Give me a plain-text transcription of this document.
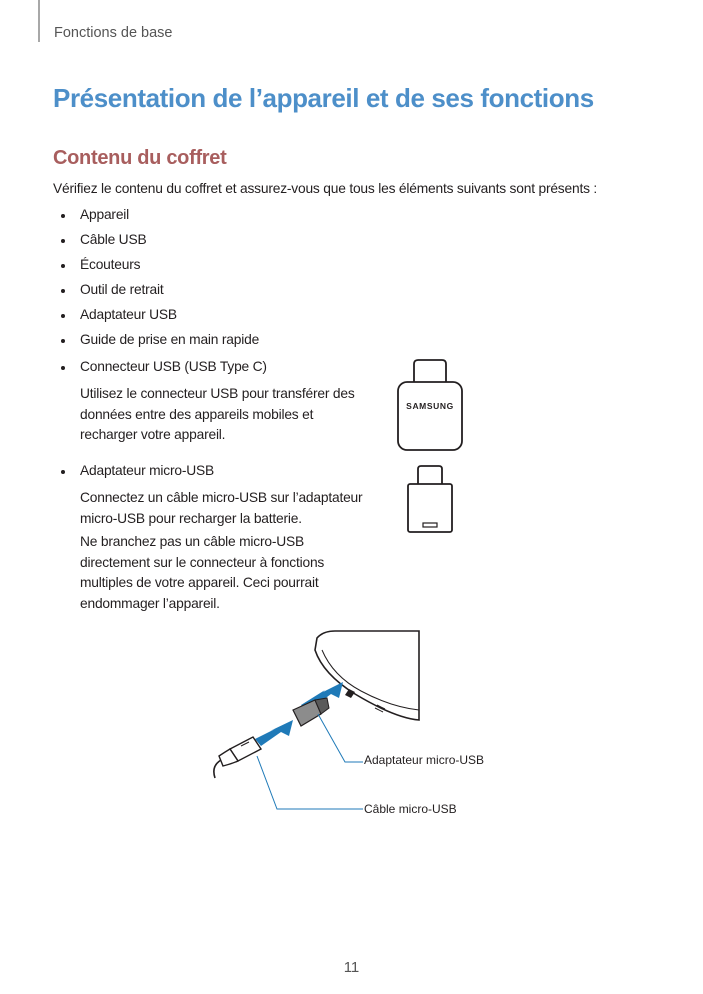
Fonctions de base
Présentation de l’appareil et de ses fonctions
Contenu du coffret
Vérifiez le contenu du coffret et assurez-vous que tous les éléments suivants sont présents :
Appareil
Câble USB
Écouteurs
Outil de retrait
Adaptateur USB
Guide de prise en main rapide
Connecteur USB (USB Type C)
Utilisez le connecteur USB pour transférer des données entre des appareils mobiles et recharger votre appareil.
Adaptateur micro-USB
Connectez un câble micro-USB sur l’adaptateur micro-USB pour recharger la batterie.
Ne branchez pas un câble micro-USB directement sur le connecteur à fonctions multiples de votre appareil. Ceci pourrait endommager l’appareil.
SAMSUNG
Adaptateur micro-USB
Câble micro-USB
11
